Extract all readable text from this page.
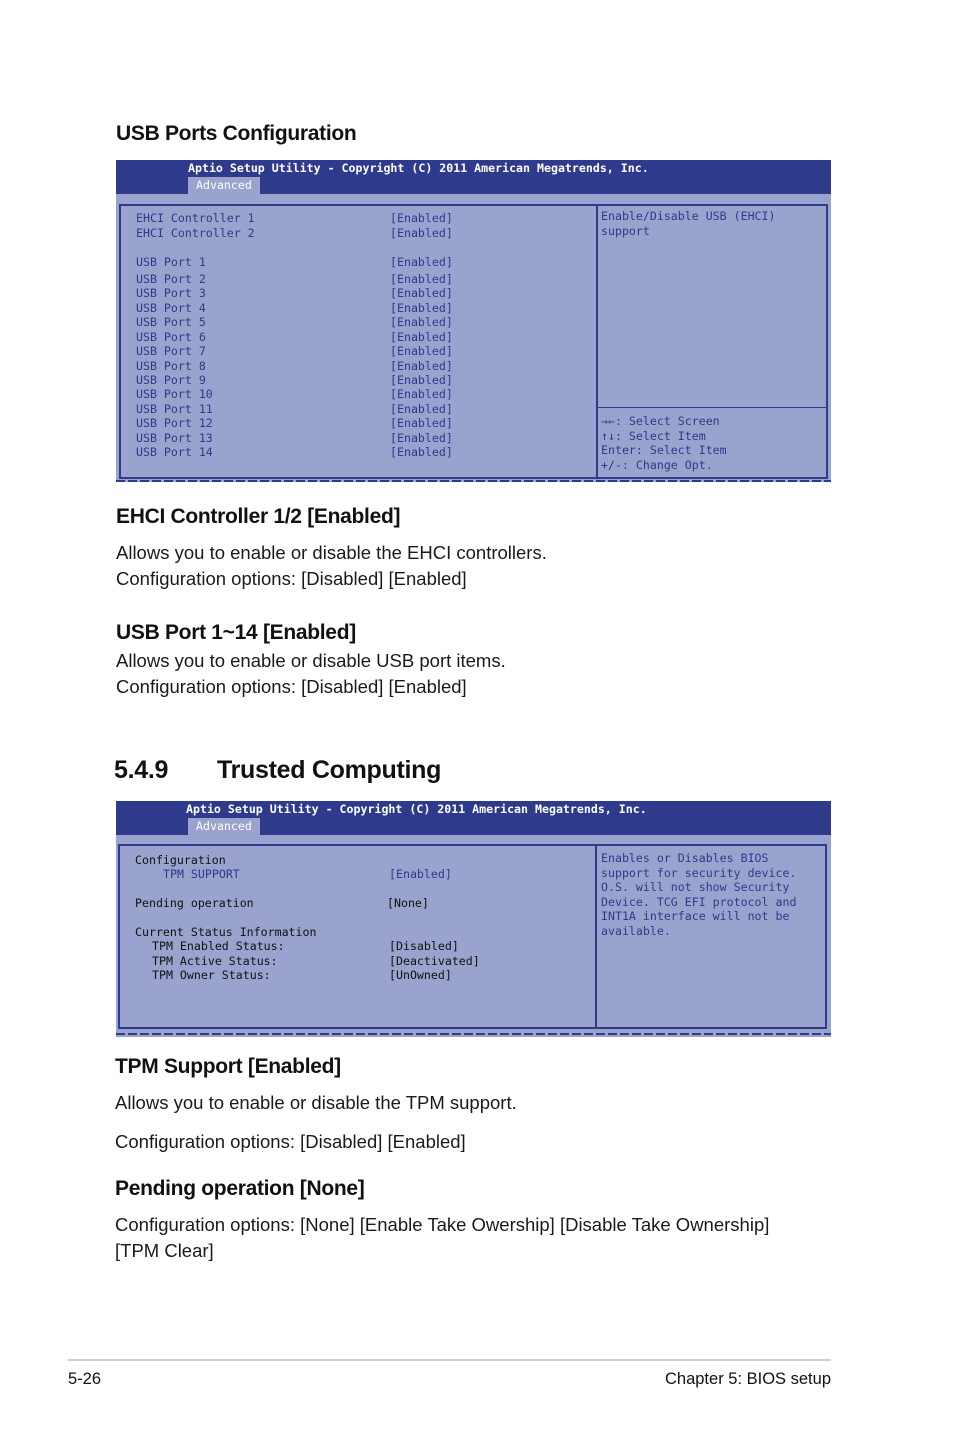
USB Ports Configuration
Aptio Setup Utility - Copyright (C) 2011 American Megatrends, Inc.
Advanced
EHCI Controller 1	[Enabled]
EHCI Controller 2	[Enabled]
USB Port 1	[Enabled]
USB Port 2	[Enabled]
USB Port 3	[Enabled]
USB Port 4	[Enabled]
USB Port 5	[Enabled]
USB Port 6	[Enabled]
USB Port 7	[Enabled]
USB Port 8	[Enabled]
USB Port 9	[Enabled]
USB Port 10	[Enabled]
USB Port 11	[Enabled]
USB Port 12	[Enabled]
USB Port 13	[Enabled]
USB Port 14	[Enabled]
Enable/Disable USB (EHCI)
support
→←: Select Screen
↑↓: Select Item
Enter: Select Item
+/-: Change Opt.
EHCI Controller 1/2 [Enabled]
Allows you to enable or disable the EHCI controllers.
Configuration options: [Disabled] [Enabled]
USB Port 1~14 [Enabled]
Allows you to enable or disable USB port items.
Configuration options: [Disabled] [Enabled]
5.4.9 Trusted Computing
Aptio Setup Utility - Copyright (C) 2011 American Megatrends, Inc.
Advanced
Configuration
TPM SUPPORT	[Enabled]
Pending operation	[None]
Current Status Information
TPM Enabled Status:	[Disabled]
TPM Active Status:	[Deactivated]
TPM Owner Status:	[UnOwned]
Enables or Disables BIOS
support for security device.
O.S. will not show Security
Device. TCG EFI protocol and
INT1A interface will not be
available.
TPM Support [Enabled]
Allows you to enable or disable the TPM support.
Configuration options: [Disabled] [Enabled]
Pending operation [None]
Configuration options: [None] [Enable Take Owership] [Disable Take Ownership]
[TPM Clear]
5-26	Chapter 5: BIOS setup
